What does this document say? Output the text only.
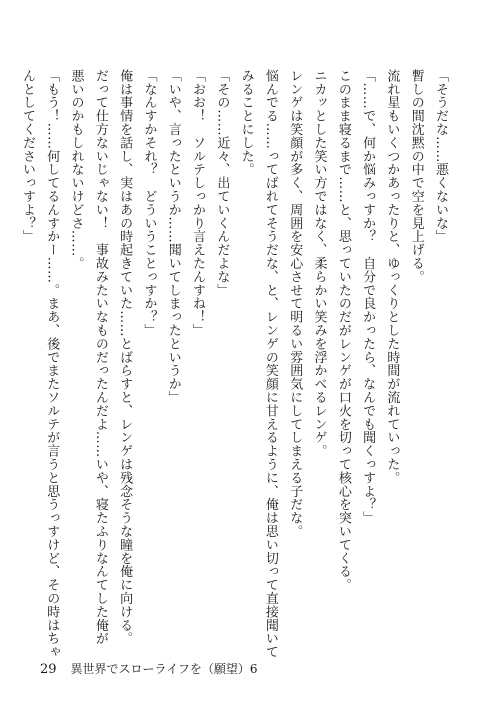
「そうだな……悪くないな」

暫しの間沈黙の中で空を見上げる。

流れ星もいくつかあったりと、ゆっくりとした時間が流れていった。

「……で、何か悩みっすか？　自分で良かったら、なんでも聞くっすよ？」

このまま寝るまで……と、思っていたのだがレンゲが口火を切って核心を突いてくる。

ニカッとした笑い方ではなく、柔らかい笑みを浮かべるレンゲ。

レンゲは笑顔が多く、周囲を安心させて明るい雰囲気にしてしまえる子だな。

悩んでる……ってばれてそうだな、と、レンゲの笑顔に甘えるように、俺は思い切って直接聞いて

みることにした。

「その……近々、出ていくんだよな」

「おお！　ソルテしっかり言えたんすね！」

「いや、言ったというか……聞いてしまったというか」

「なんすかそれ？　どういうことっすか？」

俺は事情を話し、実はあの時起きていた……とばらすと、レンゲは残念そうな瞳を俺に向ける。

だって仕方ないじゃない！　事故みたいなものだったんだよ……いや、寝たふりなんてした俺が

悪いのかもしれないけどさ……。

「もう！……何してるんすかー……。まあ、後でまたソルテが言うと思うっすけど、その時はちゃ

んとしてくださいっすよ？」

29 異世界でスローライフを（願望）6
